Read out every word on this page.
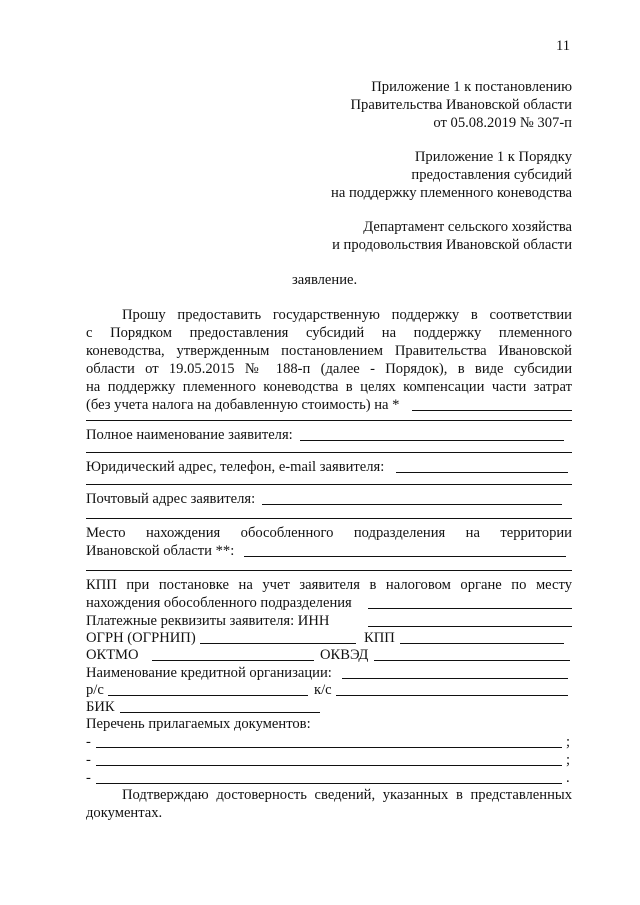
11
Приложение 1 к постановлению
Правительства Ивановской области
от 05.08.2019 № 307-п
Приложение 1 к Порядку
предоставления субсидий
на поддержку племенного коневодства
Департамент сельского хозяйства
и продовольствия Ивановской области
заявление.
Прошу предоставить государственную поддержку в соответствии
с Порядком предоставления субсидий на поддержку племенного
коневодства, утвержденным постановлением Правительства Ивановской
области от 19.05.2015 № 188-п (далее - Порядок), в виде субсидии
на поддержку племенного коневодства в целях компенсации части затрат
(без учета налога на добавленную стоимость) на *
Полное наименование заявителя:
Юридический адрес, телефон, e-mail заявителя:
Почтовый адрес заявителя:
Место нахождения обособленного подразделения на территории
Ивановской области **:
КПП при постановке на учет заявителя в налоговом органе по месту
нахождения обособленного подразделения
Платежные реквизиты заявителя: ИНН
ОГРН (ОГРНИП)	КПП
ОКТМО	ОКВЭД
Наименование кредитной организации:
р/с	к/с
БИК
Перечень прилагаемых документов:
-	;
-	;
-	.
Подтверждаю достоверность сведений, указанных в представленных
документах.
